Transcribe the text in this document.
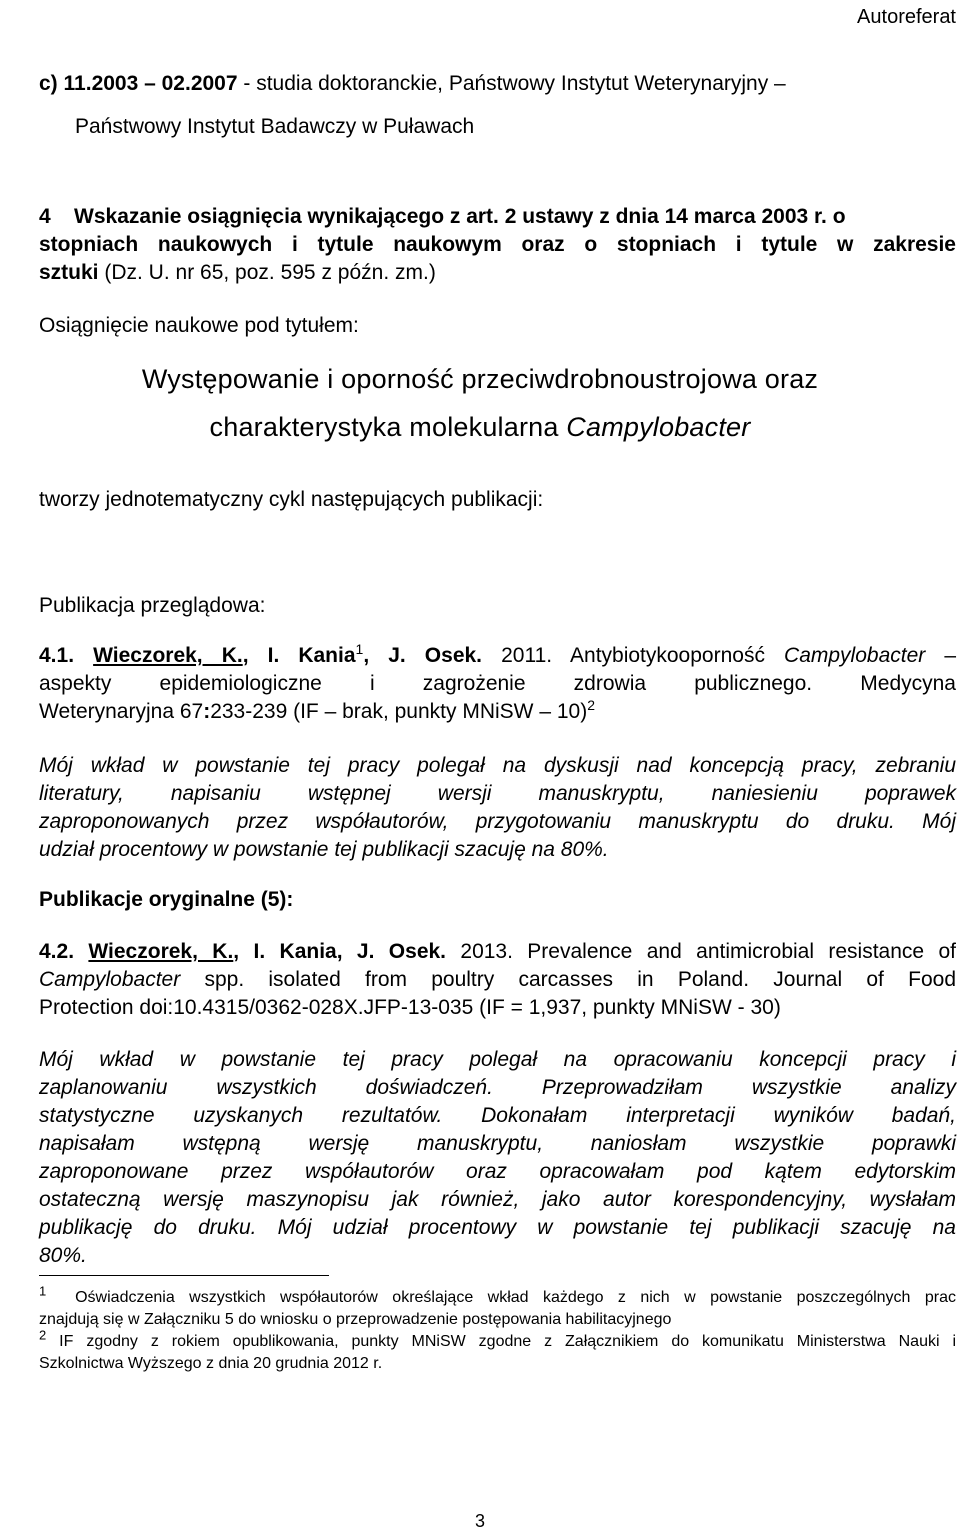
Autoreferat
c) 11.2003 – 02.2007 - studia doktoranckie, Państwowy Instytut Weterynaryjny –
Państwowy Instytut Badawczy w Puławach
4 Wskazanie osiągnięcia wynikającego z art. 2 ustawy z dnia 14 marca 2003 r. o
stopniach naukowych i tytule naukowym oraz o stopniach i tytule w zakresie
sztuki (Dz. U. nr 65, poz. 595 z późn. zm.)
Osiągnięcie naukowe pod tytułem:
Występowanie i oporność przeciwdrobnoustrojowa oraz
charakterystyka molekularna Campylobacter
tworzy jednotematyczny cykl następujących publikacji:
Publikacja przeglądowa:
4.1. Wieczorek, K., I. Kania$^1$, J. Osek. 2011. Antybiotykooporność Campylobacter –
aspekty epidemiologiczne i zagrożenie zdrowia publicznego. Medycyna
Weterynaryjna 67:233-239 (IF – brak, punkty MNiSW – 10)$^2$
Mój wkład w powstanie tej pracy polegał na dyskusji nad koncepcją pracy, zebraniu
literatury, napisaniu wstępnej wersji manuskryptu, naniesieniu poprawek
zaproponowanych przez współautorów, przygotowaniu manuskryptu do druku. Mój
udział procentowy w powstanie tej publikacji szacuję na 80%.
Publikacje oryginalne (5):
4.2. Wieczorek, K., I. Kania, J. Osek. 2013. Prevalence and antimicrobial resistance of
Campylobacter spp. isolated from poultry carcasses in Poland. Journal of Food
Protection doi:10.4315/0362-028X.JFP-13-035 (IF = 1,937, punkty MNiSW - 30)
Mój wkład w powstanie tej pracy polegał na opracowaniu koncepcji pracy i
zaplanowaniu wszystkich doświadczeń. Przeprowadziłam wszystkie analizy
statystyczne uzyskanych rezultatów. Dokonałam interpretacji wyników badań,
napisałam wstępną wersję manuskryptu, naniosłam wszystkie poprawki
zaproponowane przez współautorów oraz opracowałam pod kątem edytorskim
ostateczną wersję maszynopisu jak również, jako autor korespondencyjny, wysłałam
publikację do druku. Mój udział procentowy w powstanie tej publikacji szacuję na
80%.
$^1$ Oświadczenia wszystkich współautorów określające wkład każdego z nich w powstanie poszczególnych prac
znajdują się w Załączniku 5 do wniosku o przeprowadzenie postępowania habilitacyjnego
$^2$ IF zgodny z rokiem opublikowania, punkty MNiSW zgodne z Załącznikiem do komunikatu Ministerstwa Nauki i
Szkolnictwa Wyższego z dnia 20 grudnia 2012 r.
3
